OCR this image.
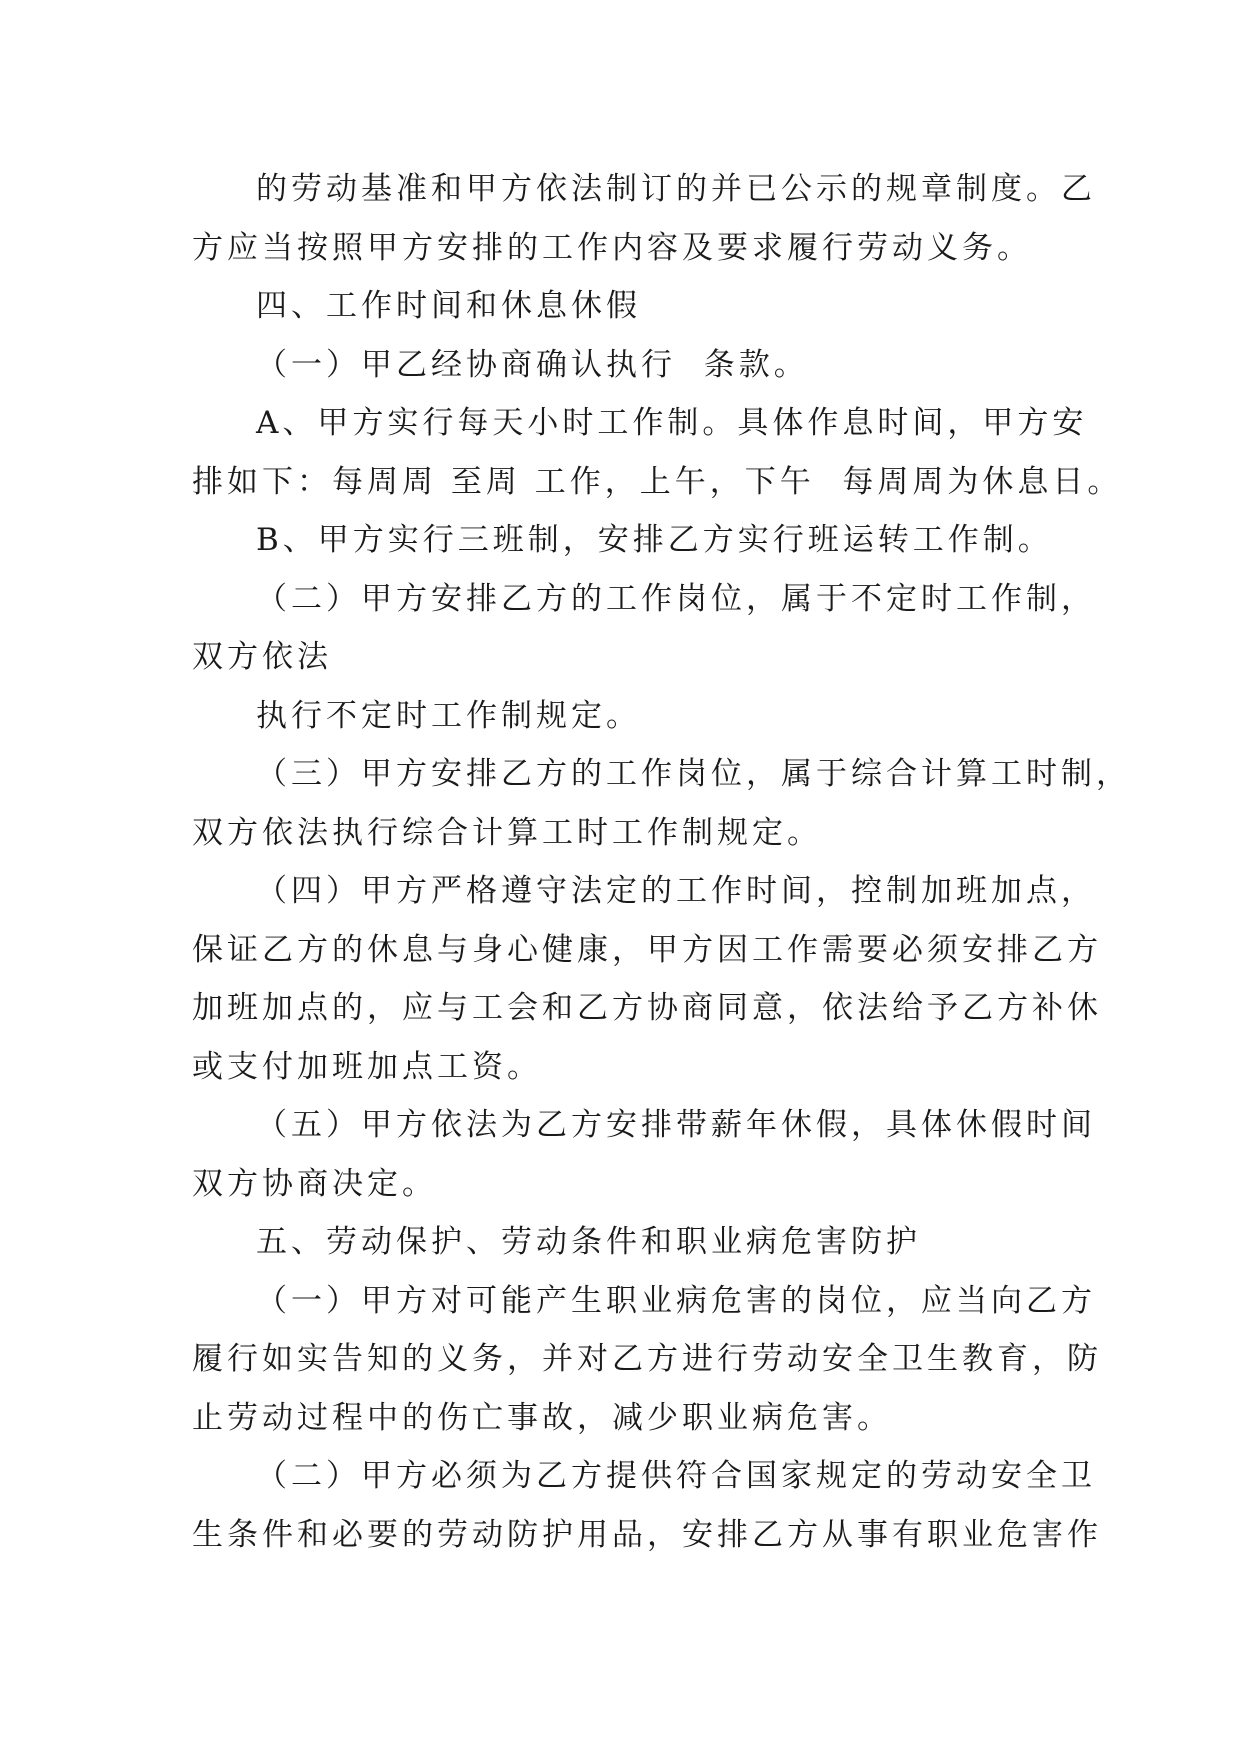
的劳动基准和甲方依法制订的并已公示的规章制度。乙
方应当按照甲方安排的工作内容及要求履行劳动义务。
四、工作时间和休息休假
（一）甲乙经协商确认执行  条款。
A、甲方实行每天小时工作制。具体作息时间，甲方安
排如下：每周周 至周 工作，上午，下午  每周周为休息日。
B、甲方实行三班制，安排乙方实行班运转工作制。
（二）甲方安排乙方的工作岗位，属于不定时工作制，
双方依法
执行不定时工作制规定。
（三）甲方安排乙方的工作岗位，属于综合计算工时制，
双方依法执行综合计算工时工作制规定。
（四）甲方严格遵守法定的工作时间，控制加班加点，
保证乙方的休息与身心健康，甲方因工作需要必须安排乙方
加班加点的，应与工会和乙方协商同意，依法给予乙方补休
或支付加班加点工资。
（五）甲方依法为乙方安排带薪年休假，具体休假时间
双方协商决定。
五、劳动保护、劳动条件和职业病危害防护
（一）甲方对可能产生职业病危害的岗位，应当向乙方
履行如实告知的义务，并对乙方进行劳动安全卫生教育，防
止劳动过程中的伤亡事故，减少职业病危害。
（二）甲方必须为乙方提供符合国家规定的劳动安全卫
生条件和必要的劳动防护用品，安排乙方从事有职业危害作
